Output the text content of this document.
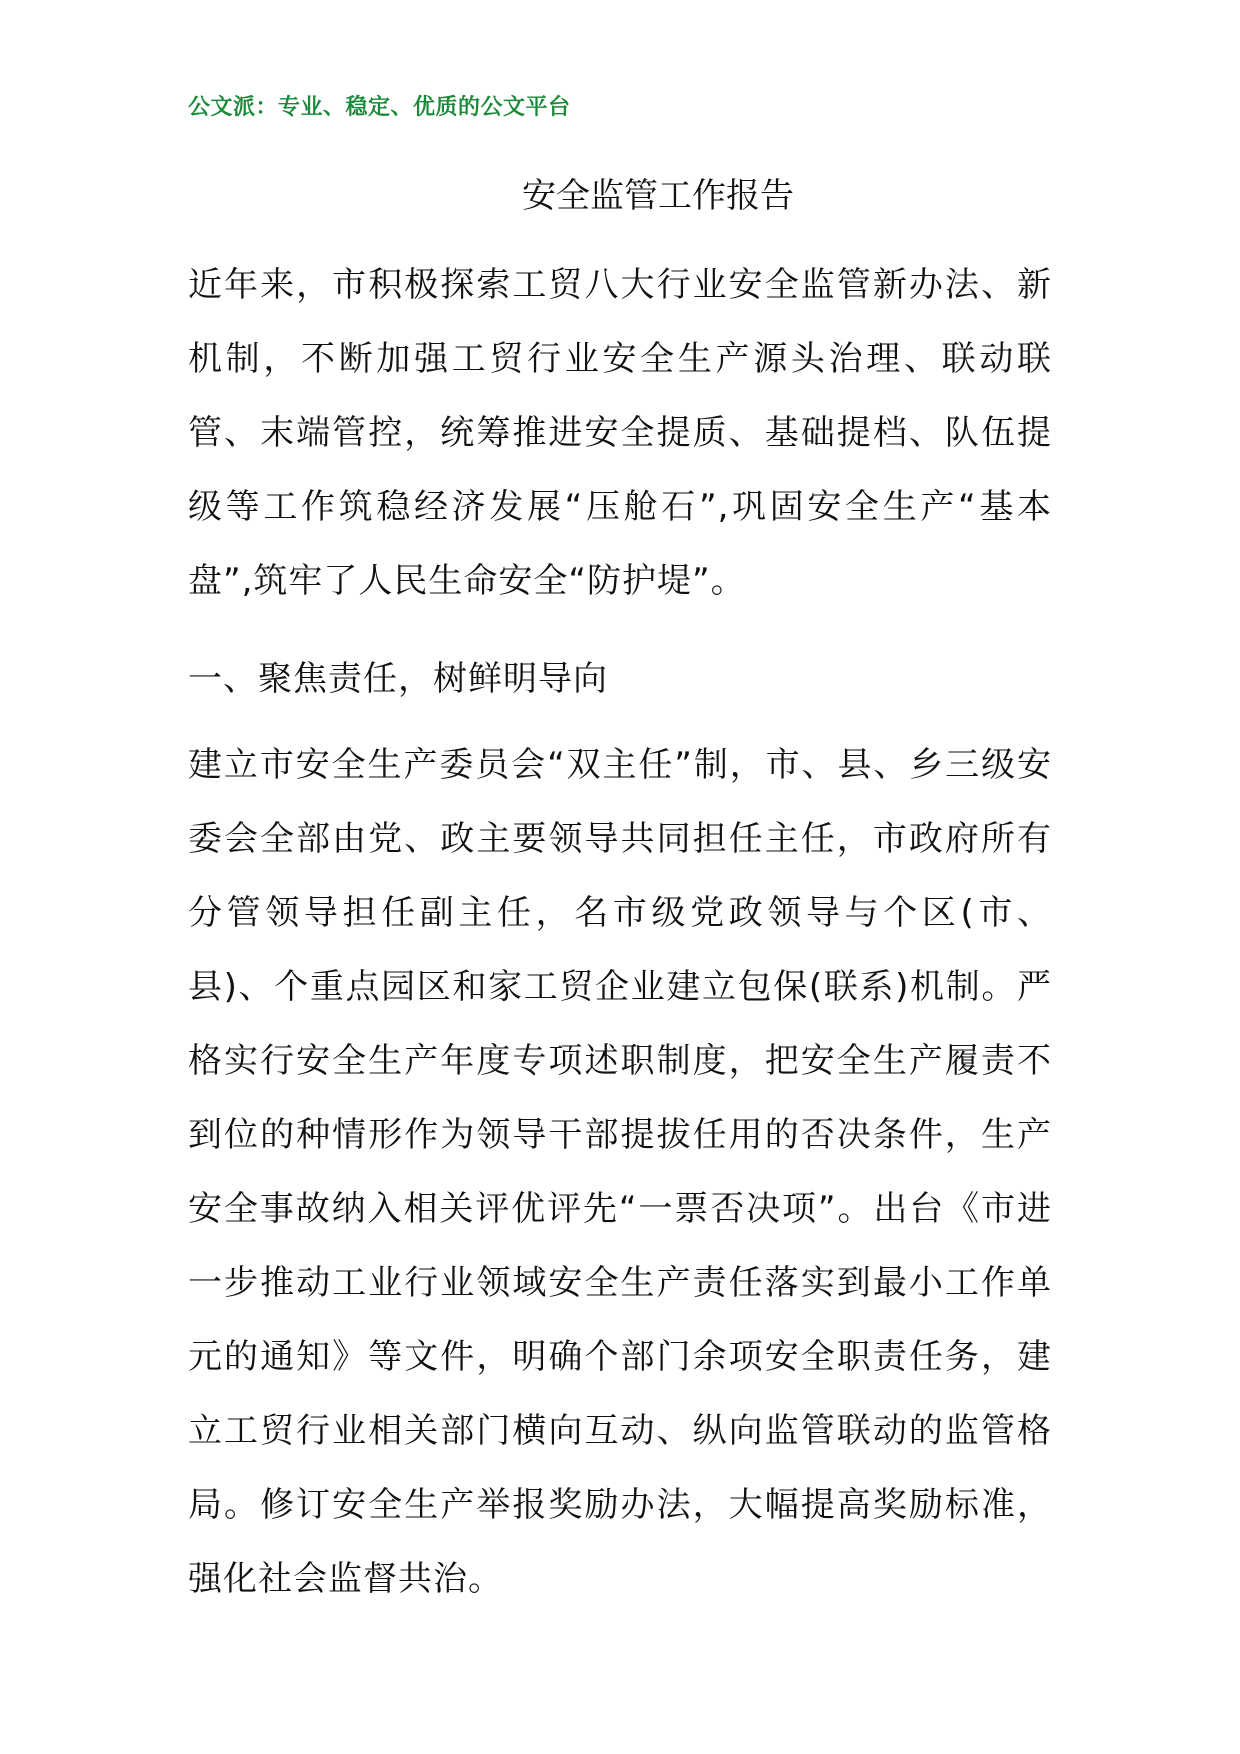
公文派：专业、稳定、优质的公文平台
安全监管工作报告

近年来，市积极探索工贸八大行业安全监管新办法、新机制，不断加强工贸行业安全生产源头治理、联动联管、末端管控，统筹推进安全提质、基础提档、队伍提级等工作筑稳经济发展“压舱石”,巩固安全生产“基本盘”,筑牢了人民生命安全“防护堤”。

一、聚焦责任，树鲜明导向

建立市安全生产委员会“双主任”制，市、县、乡三级安委会全部由党、政主要领导共同担任主任，市政府所有分管领导担任副主任，名市级党政领导与个区(市、县)、个重点园区和家工贸企业建立包保(联系)机制。严格实行安全生产年度专项述职制度，把安全生产履责不到位的种情形作为领导干部提拔任用的否决条件，生产安全事故纳入相关评优评先“一票否决项”。出台《市进一步推动工业行业领域安全生产责任落实到最小工作单元的通知》等文件，明确个部门余项安全职责任务，建立工贸行业相关部门横向互动、纵向监管联动的监管格局。修订安全生产举报奖励办法，大幅提高奖励标准，强化社会监督共治。
